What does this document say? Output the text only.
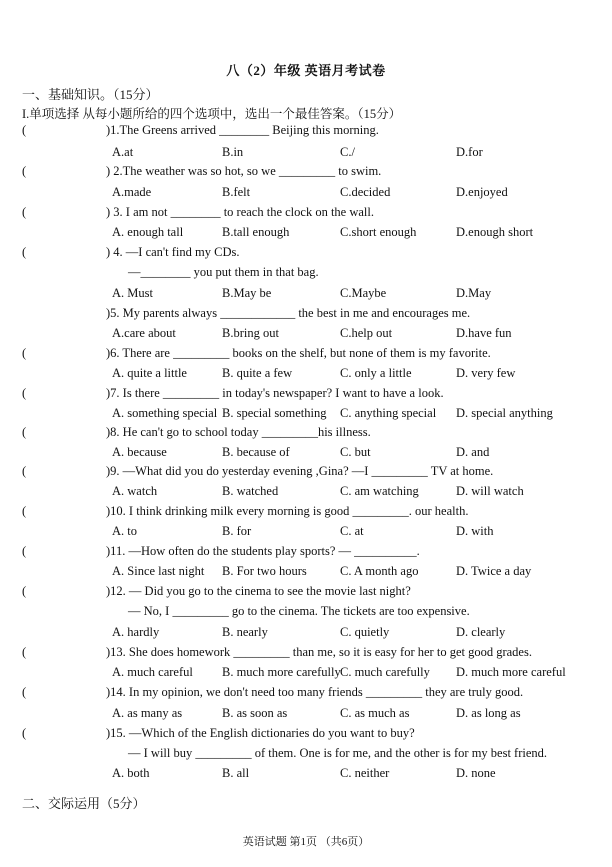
八（2）年级 英语月考试卷
一、基础知识。（15分）
I.单项选择 从每小题所给的四个选项中，选出一个最佳答案。（15分）
(	)1.The Greens arrived ________ Beijing this morning.
A.at	B.in	C./	D.for
(	) 2.The weather was so hot, so we _________ to swim.
A.made	B.felt	C.decided	D.enjoyed
(	) 3. I am not ________ to reach the clock on the wall.
A. enough tall	B.tall enough	C.short enough	D.enough short
(	) 4. —I can't find my CDs.
—________ you put them in that bag.
A. Must	B.May be	C.Maybe	D.May
)5. My parents always ____________ the best in me and encourages me.
A.care about	B.bring out	C.help out	D.have fun
(	)6. There are _________ books on the shelf, but none of them is my favorite.
A. quite a little	B. quite a few	C. only a little	D. very few
(	)7. Is there _________ in today's newspaper? I want to have a look.
A. something special B. special something C. anything special D. special anything
(	)8. He can't go to school today _________his illness.
A. because	B. because of	C. but	D. and
(	)9. —What did you do yesterday evening ,Gina? —I _________ TV at home.
A. watch	B. watched	C. am watching	D. will watch
(	)10. I think drinking milk every morning is good _________. our health.
A. to	B. for	C. at	D. with
(	)11. —How often do the students play sports? — __________.
A. Since last night B. For two hours	C. A month ago	D. Twice a day
(	)12. — Did you go to the cinema to see the movie last night?
— No, I _________ go to the cinema. The tickets are too expensive.
A. hardly	B. nearly	C. quietly	D. clearly
(	)13. She does homework _________ than me, so it is easy for her to get good grades.
A. much careful B. much more carefully C. much carefully D. much more careful
(	)14. In my opinion, we don't need too many friends _________ they are truly good.
A. as many as	B. as soon as	C. as much as	D. as long as
(	)15. —Which of the English dictionaries do you want to buy?
— I will buy _________ of them. One is for me, and the other is for my best friend.
A. both	B. all	C. neither	D. none
二、交际运用（5分）
英语试题 第1页 （共6页）
